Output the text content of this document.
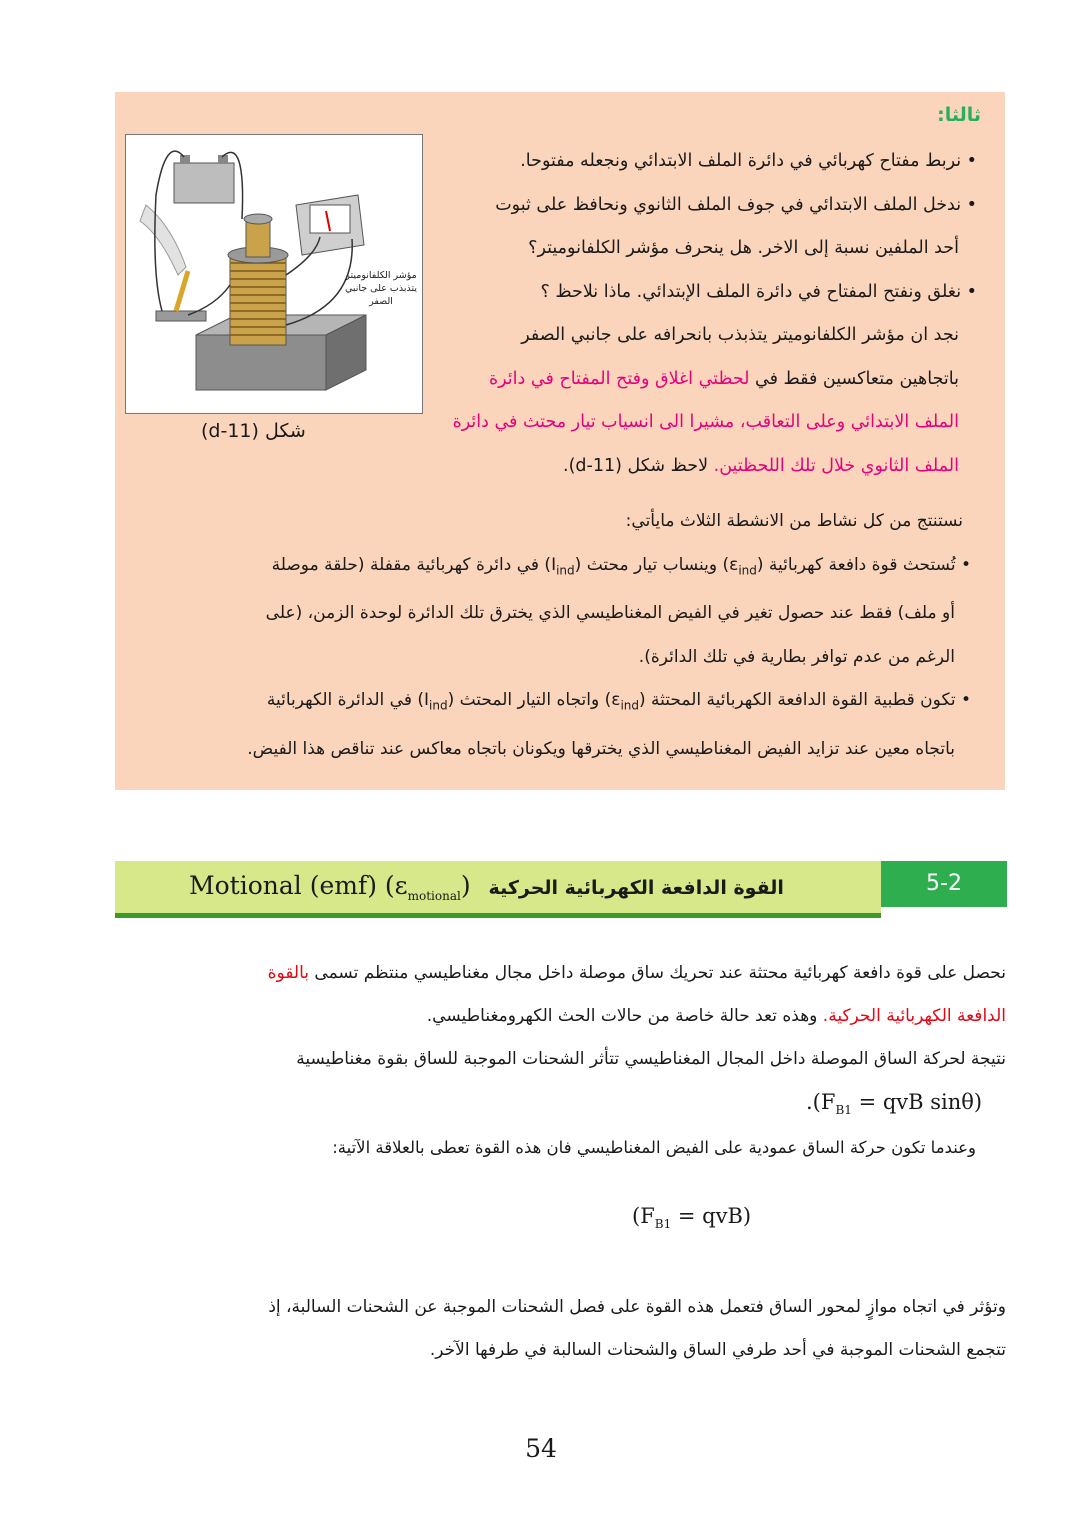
ثالثا:

• نربط مفتاح كهربائي في دائرة الملف الابتدائي ونجعله مفتوحا.

• ندخل الملف الابتدائي في جوف الملف الثانوي ونحافظ على ثبوت

أحد الملفين نسبة إلى الاخر. هل ينحرف مؤشر الكلفانوميتر؟

• نغلق ونفتح المفتاح في دائرة الملف الإبتدائي. ماذا نلاحظ ؟

نجد ان مؤشر الكلفانوميتر يتذبذب بانحرافه على جانبي الصفر

باتجاهين متعاكسين فقط في لحظتي اغلاق وفتح المفتاح في دائرة

الملف الابتدائي وعلى التعاقب، مشيرا الى انسياب تيار محتث في دائرة

الملف الثانوي خلال تلك اللحظتين. لاحظ شكل (11-d).

مؤشر الكلفانوميتر يتذبذب على جانبي الصفر
شكل (11-d)

نستنتج من كل نشاط من الانشطة الثلاث مايأتي:

• تُستحث قوة دافعة كهربائية $(\varepsilon_{ind})$ وينساب تيار محتث $(I_{ind})$ في دائرة كهربائية مقفلة (حلقة موصلة

أو ملف) فقط عند حصول تغير في الفيض المغناطيسي الذي يخترق تلك الدائرة لوحدة الزمن، (على

الرغم من عدم توافر بطارية في تلك الدائرة).

• تكون قطبية القوة الدافعة الكهربائية المحتثة $(\varepsilon_{ind})$ واتجاه التيار المحتث $(I_{ind})$ في الدائرة الكهربائية

باتجاه معين عند تزايد الفيض المغناطيسي الذي يخترقها ويكونان باتجاه معاكس عند تناقص هذا الفيض.

Motional (emf) $(\varepsilon_{motional})$ القوة الدافعة الكهربائية الحركية	5-2

نحصل على قوة دافعة كهربائية محتثة عند تحريك ساق موصلة داخل مجال مغناطيسي منتظم تسمى بالقوة

الدافعة الكهربائية الحركية. وهذه تعد حالة خاصة من حالات الحث الكهرومغناطيسي.

نتيجة لحركة الساق الموصلة داخل المجال المغناطيسي تتأثر الشحنات الموجبة للساق بقوة مغناطيسية

$.(F_{B1}$ = qvB sinθ)

وعندما تكون حركة الساق عمودية على الفيض المغناطيسي فان هذه القوة تعطى بالعلاقة الآتية:

$(F_{B1} = qvB)$

وتؤثر في اتجاه موازٍ لمحور الساق فتعمل هذه القوة على فصل الشحنات الموجبة عن الشحنات السالبة، إذ

تتجمع الشحنات الموجبة في أحد طرفي الساق والشحنات السالبة في طرفها الآخر.

54
